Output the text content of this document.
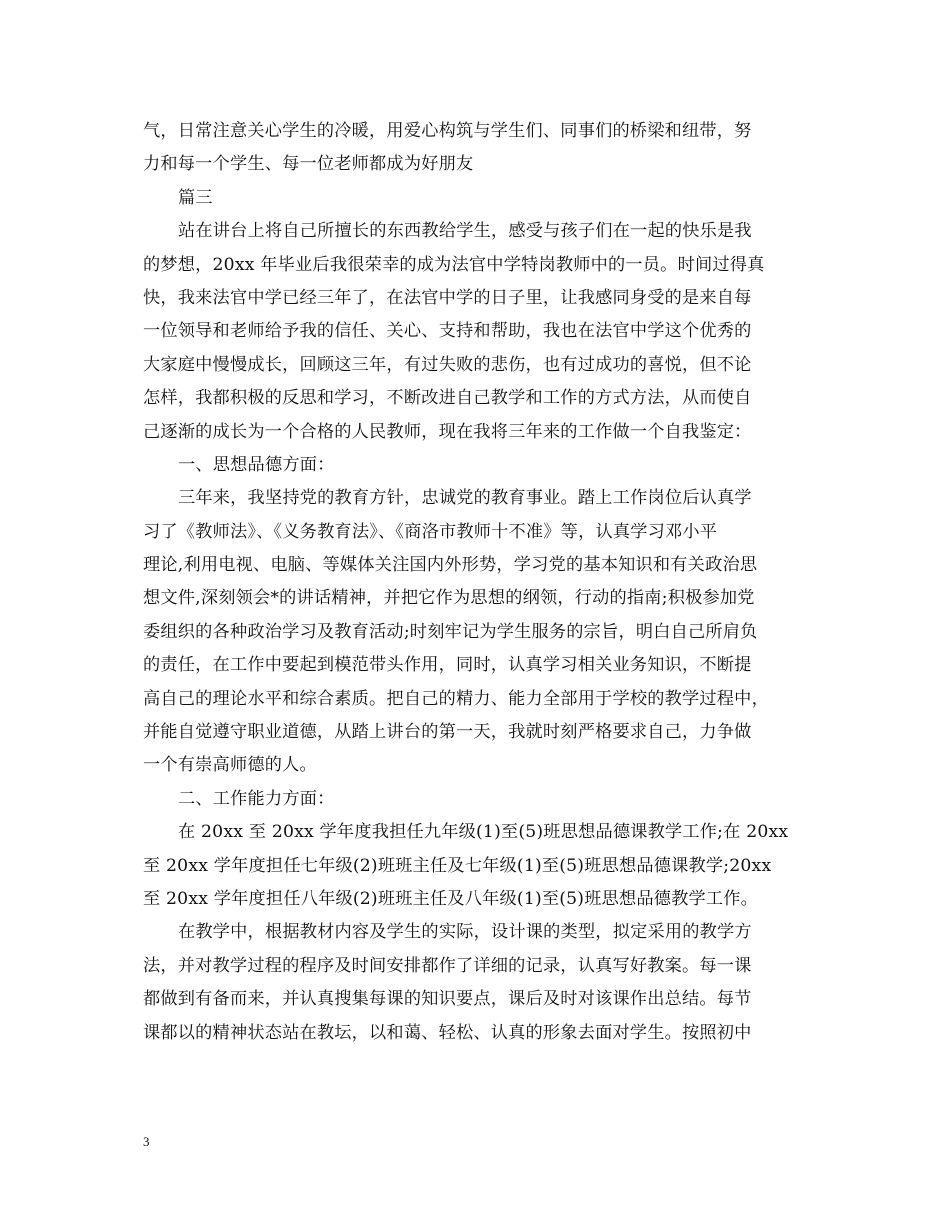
气，日常注意关心学生的冷暖，用爱心构筑与学生们、同事们的桥梁和纽带，努
力和每一个学生、每一位老师都成为好朋友
篇三
站在讲台上将自己所擅长的东西教给学生，感受与孩子们在一起的快乐是我
的梦想，20xx 年毕业后我很荣幸的成为法官中学特岗教师中的一员。时间过得真
快，我来法官中学已经三年了，在法官中学的日子里，让我感同身受的是来自每
一位领导和老师给予我的信任、关心、支持和帮助，我也在法官中学这个优秀的
大家庭中慢慢成长，回顾这三年，有过失败的悲伤，也有过成功的喜悦，但不论
怎样，我都积极的反思和学习，不断改进自己教学和工作的方式方法，从而使自
己逐渐的成长为一个合格的人民教师，现在我将三年来的工作做一个自我鉴定：
一、思想品德方面：
三年来，我坚持党的教育方针，忠诚党的教育事业。踏上工作岗位后认真学
习了《教师法》、《义务教育法》、《商洛市教师十不准》等，认真学习邓小平
理论,利用电视、电脑、等媒体关注国内外形势，学习党的基本知识和有关政治思
想文件,深刻领会*的讲话精神，并把它作为思想的纲领，行动的指南;积极参加党
委组织的各种政治学习及教育活动;时刻牢记为学生服务的宗旨，明白自己所肩负
的责任，在工作中要起到模范带头作用，同时，认真学习相关业务知识，不断提
高自己的理论水平和综合素质。把自己的精力、能力全部用于学校的教学过程中，
并能自觉遵守职业道德，从踏上讲台的第一天，我就时刻严格要求自己，力争做
一个有崇高师德的人。
二、工作能力方面：
在 20xx 至 20xx 学年度我担任九年级(1)至(5)班思想品德课教学工作;在 20xx
至 20xx 学年度担任七年级(2)班班主任及七年级(1)至(5)班思想品德课教学;20xx
至 20xx 学年度担任八年级(2)班班主任及八年级(1)至(5)班思想品德教学工作。
在教学中，根据教材内容及学生的实际，设计课的类型，拟定采用的教学方
法，并对教学过程的程序及时间安排都作了详细的记录，认真写好教案。每一课
都做到有备而来，并认真搜集每课的知识要点，课后及时对该课作出总结。每节
课都以的精神状态站在教坛，以和蔼、轻松、认真的形象去面对学生。按照初中
3
